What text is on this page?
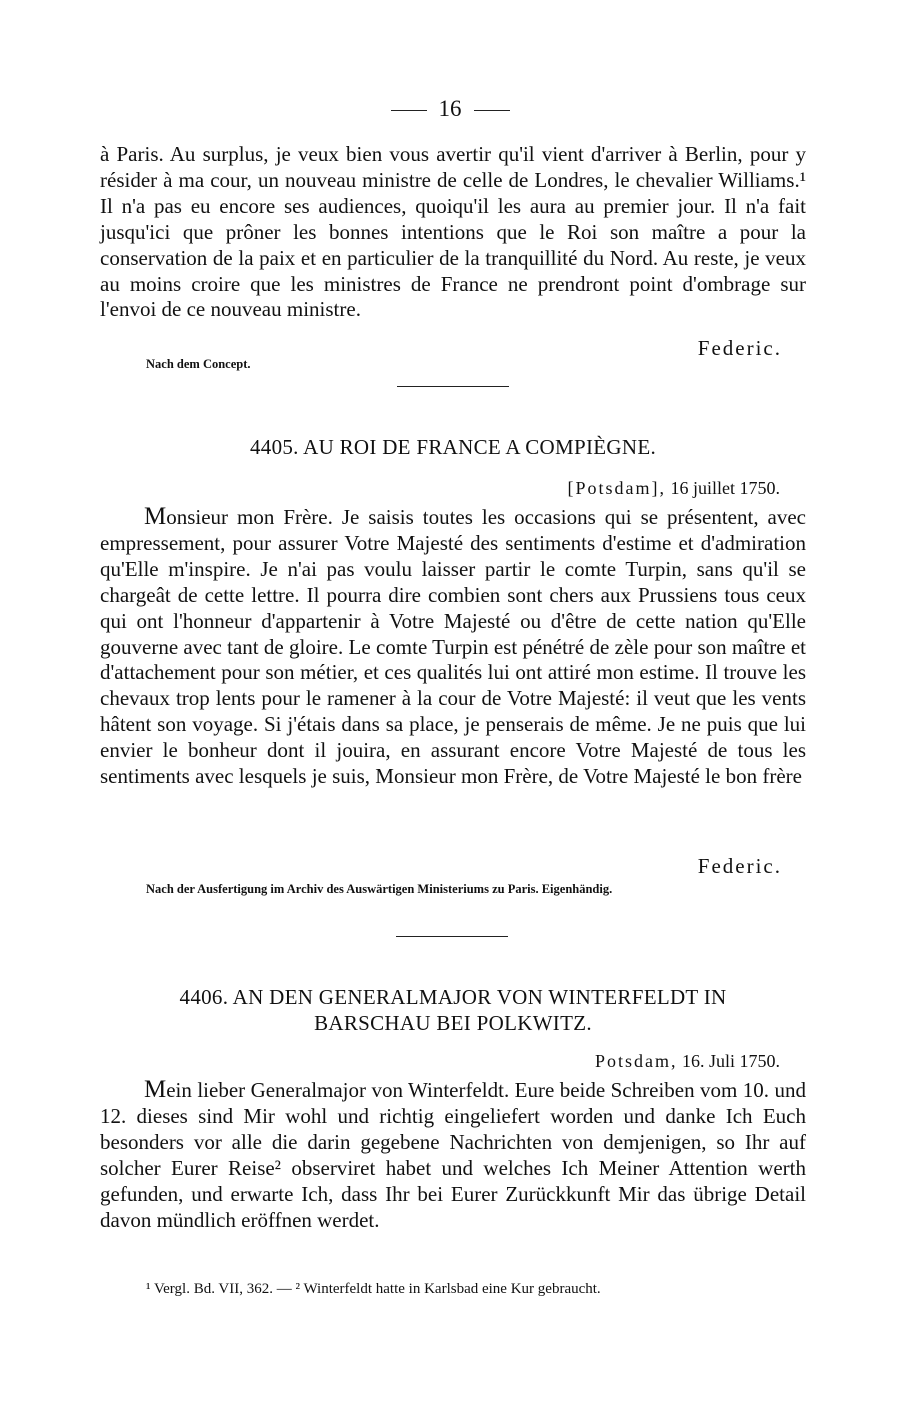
16

à Paris. Au surplus, je veux bien vous avertir qu'il vient d'arriver à Berlin, pour y résider à ma cour, un nouveau ministre de celle de Londres, le chevalier Williams.¹ Il n'a pas eu encore ses audiences, quoiqu'il les aura au premier jour. Il n'a fait jusqu'ici que prôner les bonnes intentions que le Roi son maître a pour la conservation de la paix et en particulier de la tranquillité du Nord. Au reste, je veux au moins croire que les ministres de France ne prendront point d'ombrage sur l'envoi de ce nouveau ministre.

Federic.
Nach dem Concept.
4405. AU ROI DE FRANCE A COMPIÈGNE.
[Potsdam], 16 juillet 1750.

Monsieur mon Frère. Je saisis toutes les occasions qui se présentent, avec empressement, pour assurer Votre Majesté des sentiments d'estime et d'admiration qu'Elle m'inspire. Je n'ai pas voulu laisser partir le comte Turpin, sans qu'il se chargeât de cette lettre. Il pourra dire combien sont chers aux Prussiens tous ceux qui ont l'honneur d'appartenir à Votre Majesté ou d'être de cette nation qu'Elle gouverne avec tant de gloire. Le comte Turpin est pénétré de zèle pour son maître et d'attachement pour son métier, et ces qualités lui ont attiré mon estime. Il trouve les chevaux trop lents pour le ramener à la cour de Votre Majesté: il veut que les vents hâtent son voyage. Si j'étais dans sa place, je penserais de même. Je ne puis que lui envier le bonheur dont il jouira, en assurant encore Votre Majesté de tous les sentiments avec lesquels je suis, Monsieur mon Frère, de Votre Majesté le bon frère

Federic.
Nach der Ausfertigung im Archiv des Auswärtigen Ministeriums zu Paris. Eigenhändig.
4406. AN DEN GENERALMAJOR VON WINTERFELDT IN
BARSCHAU BEI POLKWITZ.
Potsdam, 16. Juli 1750.

Mein lieber Generalmajor von Winterfeldt. Eure beide Schreiben vom 10. und 12. dieses sind Mir wohl und richtig eingeliefert worden und danke Ich Euch besonders vor alle die darin gegebene Nachrichten von demjenigen, so Ihr auf solcher Eurer Reise² observiret habet und welches Ich Meiner Attention werth gefunden, und erwarte Ich, dass Ihr bei Eurer Zurückkunft Mir das übrige Detail davon mündlich eröffnen werdet.

¹ Vergl. Bd. VII, 362. — ² Winterfeldt hatte in Karlsbad eine Kur gebraucht.
